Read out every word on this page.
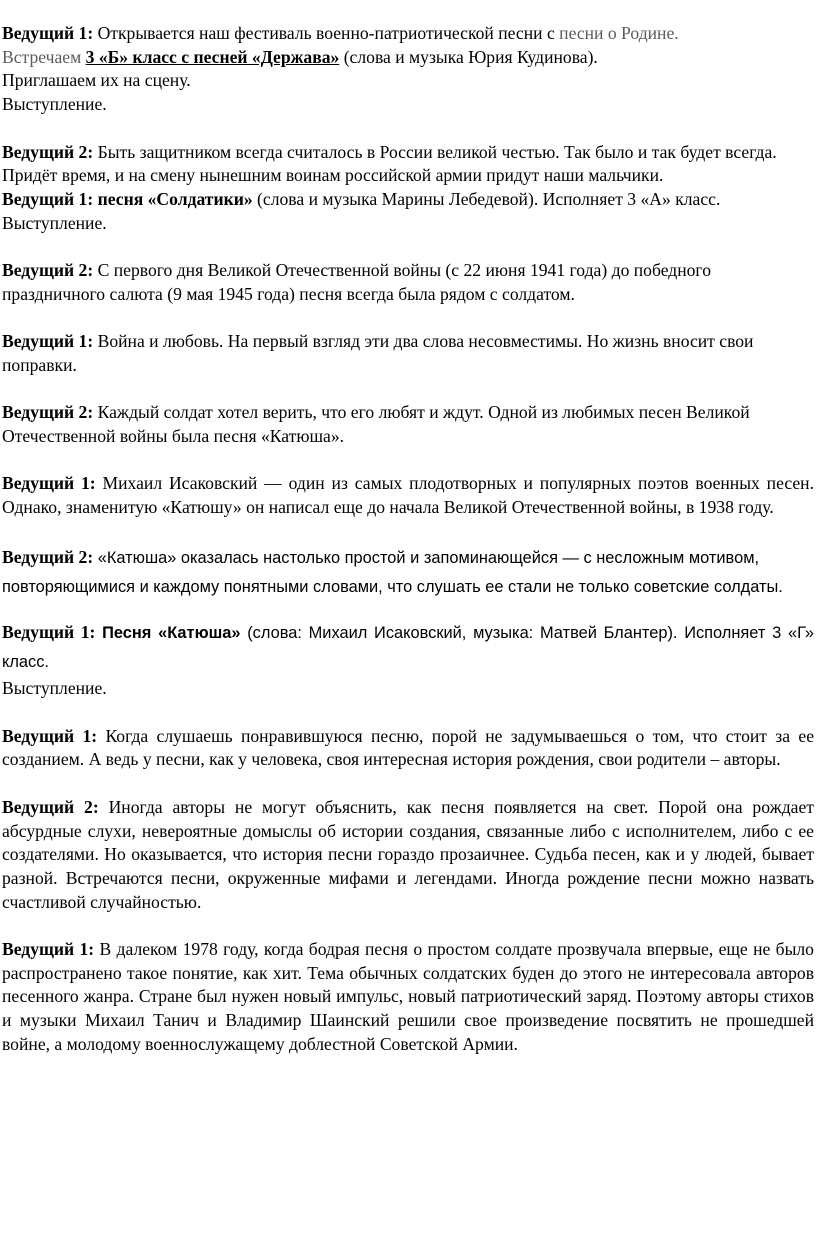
Ведущий 1: Открывается наш фестиваль военно-патриотической песни с песни о Родине.

Встречаем 3 «Б» класс с песней «Держава» (слова и музыка Юрия Кудинова).

Приглашаем их на сцену.

Выступление.

Ведущий 2: Быть защитником всегда считалось в России великой честью. Так было и так будет всегда. Придёт время, и на смену нынешним воинам российской армии придут наши мальчики.

Ведущий 1: песня «Солдатики» (слова и музыка Марины Лебедевой). Исполняет 3 «А» класс.

Выступление.

Ведущий 2: С первого дня Великой Отечественной войны (с 22 июня 1941 года) до победного праздничного салюта (9 мая 1945 года) песня всегда была рядом с солдатом.

Ведущий 1: Война и любовь. На первый взгляд эти два слова несовместимы. Но жизнь вносит свои поправки.

Ведущий 2: Каждый солдат хотел верить, что его любят и ждут. Одной из любимых песен Великой Отечественной войны была песня «Катюша».

Ведущий 1: Михаил Исаковский — один из самых плодотворных и популярных поэтов военных песен. Однако, знаменитую «Катюшу» он написал еще до начала Великой Отечественной войны, в 1938 году.

Ведущий 2: «Катюша» оказалась настолько простой и запоминающейся — с несложным мотивом, повторяющимися и каждому понятными словами, что слушать ее стали не только советские солдаты.

Ведущий 1: Песня «Катюша» (слова: Михаил Исаковский, музыка: Матвей Блантер). Исполняет 3 «Г» класс.

Выступление.

Ведущий 1: Когда слушаешь понравившуюся песню, порой не задумываешься о том, что стоит за ее созданием. А ведь у песни, как у человека, своя интересная история рождения, свои родители – авторы.

Ведущий 2: Иногда авторы не могут объяснить, как песня появляется на свет. Порой она рождает абсурдные слухи, невероятные домыслы об истории создания, связанные либо с исполнителем, либо с ее создателями. Но оказывается, что история песни гораздо прозаичнее. Судьба песен, как и у людей, бывает разной. Встречаются песни, окруженные мифами и легендами. Иногда рождение песни можно назвать счастливой случайностью.

Ведущий 1: В далеком 1978 году, когда бодрая песня о простом солдате прозвучала впервые, еще не было распространено такое понятие, как хит. Тема обычных солдатских буден до этого не интересовала авторов песенного жанра. Стране был нужен новый импульс, новый патриотический заряд. Поэтому авторы стихов и музыки Михаил Танич и Владимир Шаинский решили свое произведение посвятить не прошедшей войне, а молодому военнослужащему доблестной Советской Армии.
